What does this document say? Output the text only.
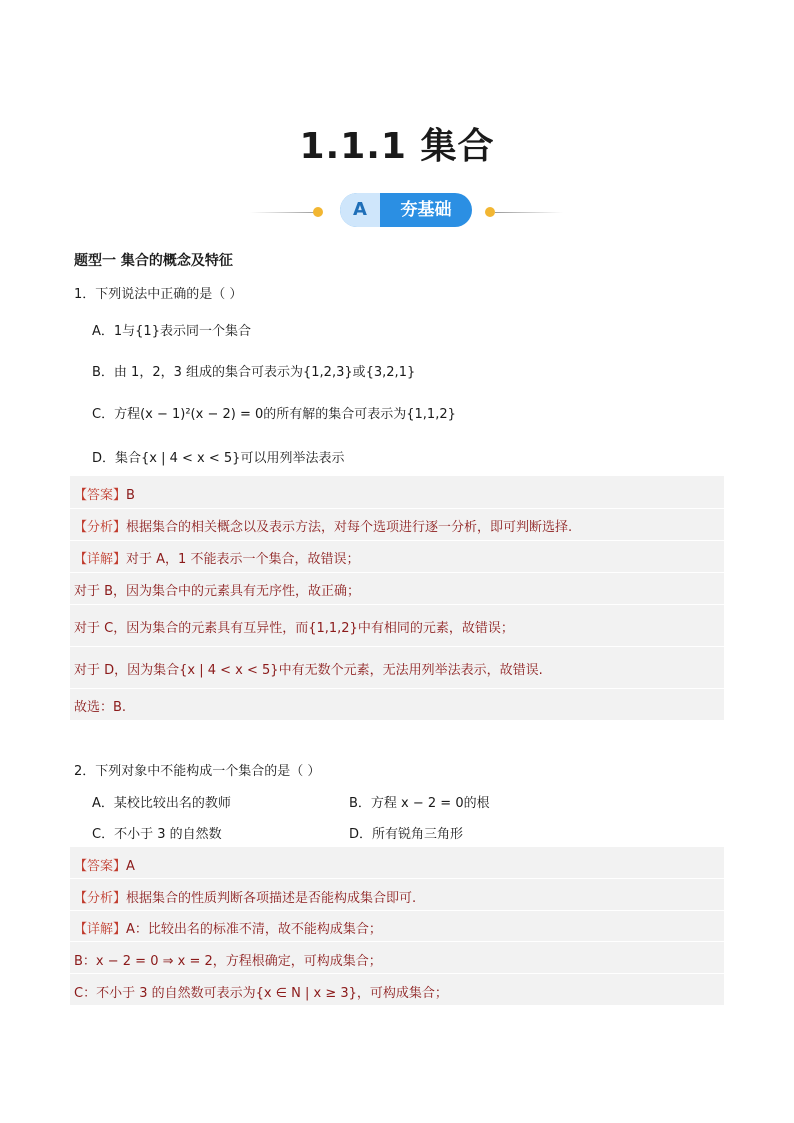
1.1.1 集合
A	夯基础
题型一 集合的概念及特征
1．下列说法中正确的是（ ）
A．1与{1}表示同一个集合
B．由 1，2，3 组成的集合可表示为{1,2,3}或{3,2,1}
C．方程(x − 1)²(x − 2) = 0的所有解的集合可表示为{1,1,2}
D．集合{x | 4 < x < 5}可以用列举法表示
【答案】B
【分析】根据集合的相关概念以及表示方法，对每个选项进行逐一分析，即可判断选择.
【详解】对于 A，1 不能表示一个集合，故错误；
对于 B，因为集合中的元素具有无序性，故正确；
对于 C，因为集合的元素具有互异性，而{1,1,2}中有相同的元素，故错误；
对于 D，因为集合{x | 4 < x < 5}中有无数个元素，无法用列举法表示，故错误.
故选：B.
2．下列对象中不能构成一个集合的是（ ）
A．某校比较出名的教师	B．方程 x − 2 = 0的根
C．不小于 3 的自然数	D．所有锐角三角形
【答案】A
【分析】根据集合的性质判断各项描述是否能构成集合即可.
【详解】A：比较出名的标准不清，故不能构成集合；
B：x − 2 = 0 ⇒ x = 2，方程根确定，可构成集合；
C：不小于 3 的自然数可表示为{x ∈ N | x ≥ 3}，可构成集合；
